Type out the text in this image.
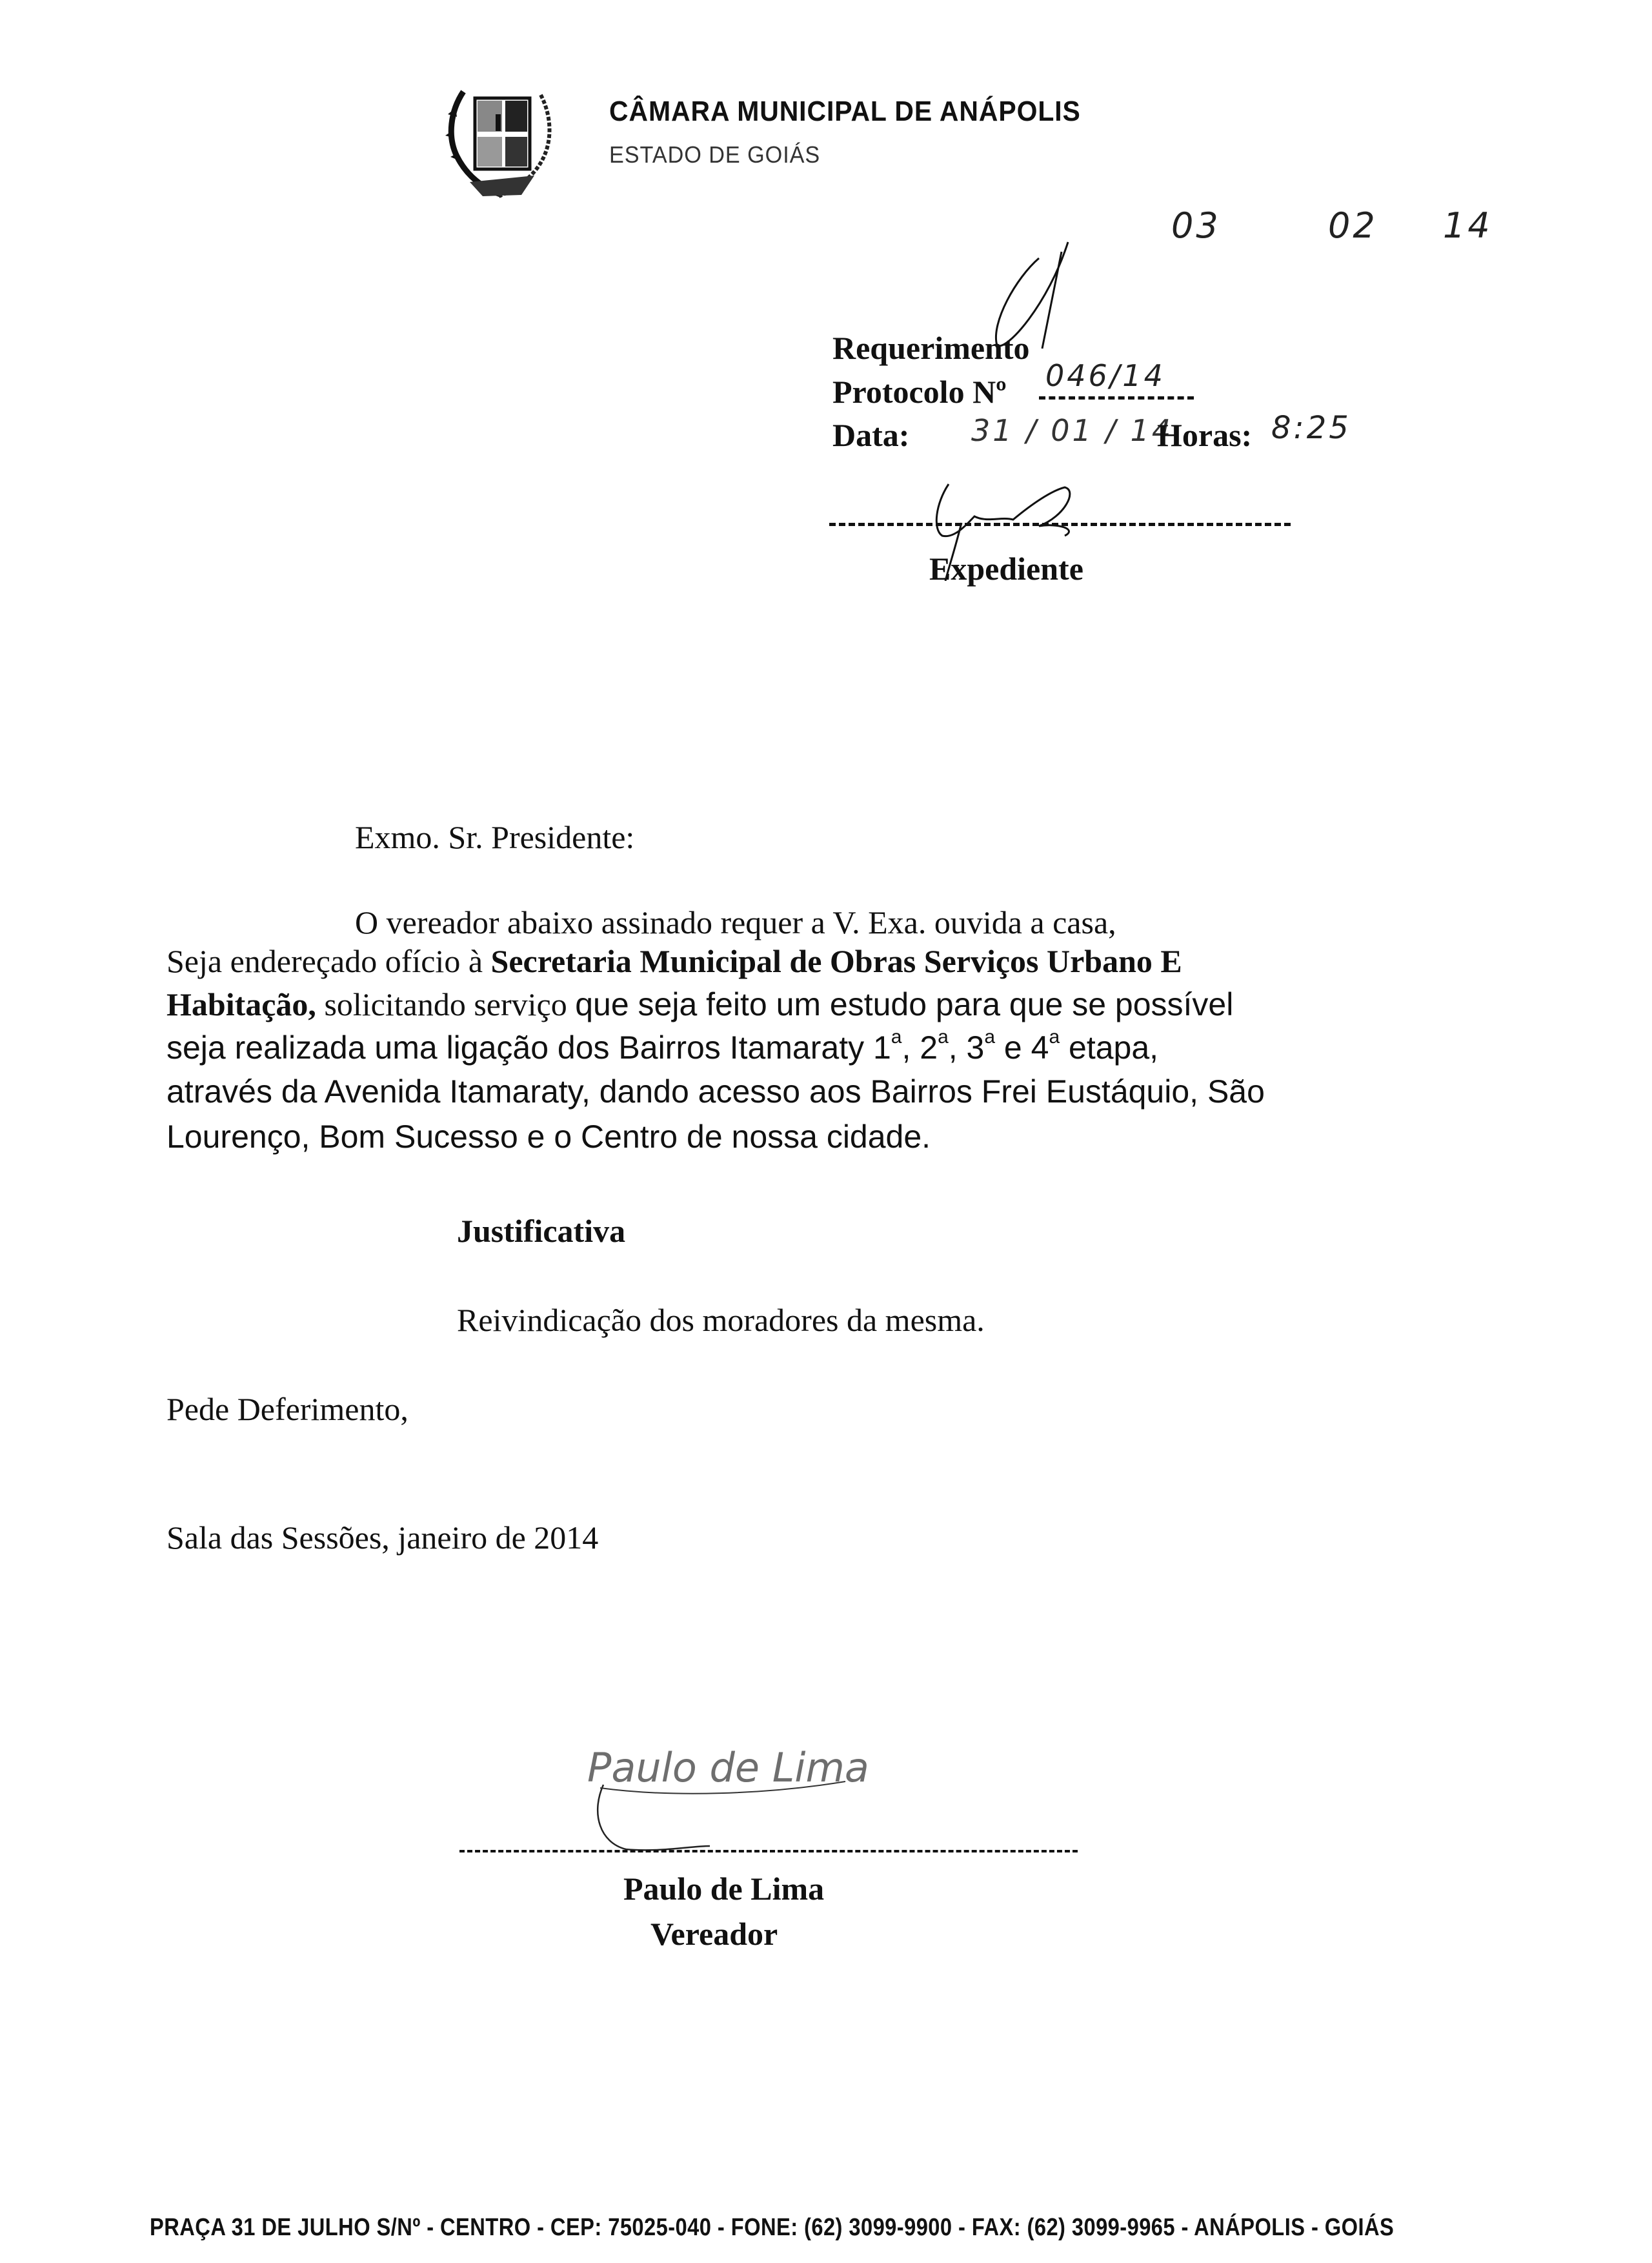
CÂMARA MUNICIPAL DE ANÁPOLIS
ESTADO DE GOIÁS
03	02 14
Requerimento
Protocolo Nº 046/14
Data: 31 / 01 / 14
Horas: 8:25
Expediente
Exmo. Sr. Presidente:
O vereador abaixo assinado requer a V. Exa. ouvida a casa,
Seja endereçado ofício à Secretaria Municipal de Obras Serviços Urbano E
Habitação, solicitando serviço que seja feito um estudo para que se possível
seja realizada uma ligação dos Bairros Itamaraty 1$^a$, 2$^a$, 3$^a$ e 4$^a$ etapa,
através da Avenida Itamaraty, dando acesso aos Bairros Frei Eustáquio, São
Lourenço, Bom Sucesso e o Centro de nossa cidade.
Justificativa
Reivindicação dos moradores da mesma.
Pede Deferimento,
Sala das Sessões, janeiro de 2014
Paulo de Lima
Paulo de Lima
Vereador
PRAÇA 31 DE JULHO S/Nº - CENTRO - CEP: 75025-040 - FONE: (62) 3099-9900 - FAX: (62) 3099-9965 - ANÁPOLIS - GOIÁS
